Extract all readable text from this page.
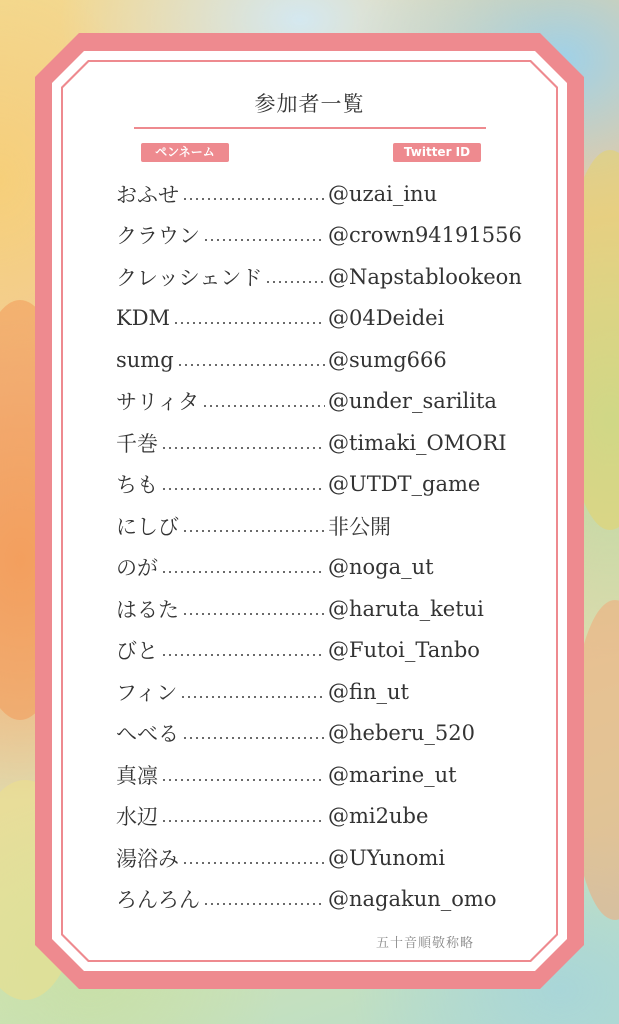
参加者一覧
ペンネーム	Twitter ID
おふせ	@uzai_inu
クラウン	@crown94191556
クレッシェンド	@Napstablookeon
KDM	@04Deidei
sumg	@sumg666
サリィタ	@under_sarilita
千巻	@timaki_OMORI
ちも	@UTDT_game
にしび	非公開
のが	@noga_ut
はるた	@haruta_ketui
びと	@Futoi_Tanbo
フィン	@fin_ut
へべる	@heberu_520
真凛	@marine_ut
水辺	@mi2ube
湯浴み	@UYunomi
ろんろん	@nagakun_omo
五十音順敬称略
